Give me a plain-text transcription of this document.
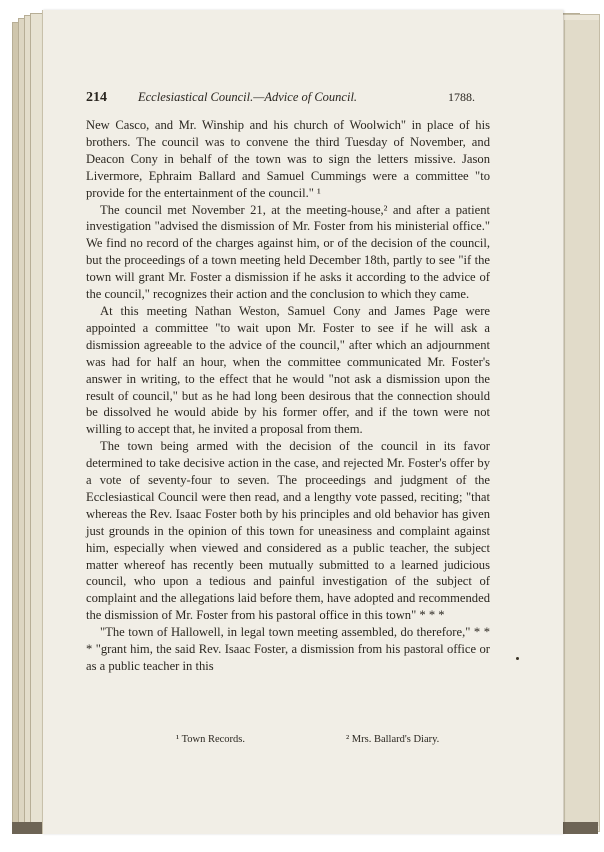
214 Ecclesiastical Council.—Advice of Council.	1788.

New Casco, and Mr. Winship and his church of Woolwich" in place of his brothers. The council was to convene the third Tuesday of November, and Deacon Cony in behalf of the town was to sign the letters missive. Jason Livermore, Ephraim Ballard and Samuel Cummings were a committee "to provide for the entertainment of the council." ¹

The council met November 21, at the meeting-house,² and after a patient investigation "advised the dismission of Mr. Foster from his ministerial office." We find no record of the charges against him, or of the decision of the council, but the proceedings of a town meeting held December 18th, partly to see "if the town will grant Mr. Foster a dismission if he asks it according to the advice of the council," recognizes their action and the conclusion to which they came.

At this meeting Nathan Weston, Samuel Cony and James Page were appointed a committee "to wait upon Mr. Foster to see if he will ask a dismission agreeable to the advice of the council," after which an adjournment was had for half an hour, when the committee communicated Mr. Foster's answer in writing, to the effect that he would "not ask a dismission upon the result of council," but as he had long been desirous that the connection should be dissolved he would abide by his former offer, and if the town were not willing to accept that, he invited a proposal from them.

The town being armed with the decision of the council in its favor determined to take decisive action in the case, and rejected Mr. Foster's offer by a vote of seventy-four to seven. The proceedings and judgment of the Ecclesiastical Council were then read, and a lengthy vote passed, reciting; "that whereas the Rev. Isaac Foster both by his principles and old behavior has given just grounds in the opinion of this town for uneasiness and complaint against him, especially when viewed and considered as a public teacher, the subject matter whereof has recently been mutually submitted to a learned judicious council, who upon a tedious and painful investigation of the subject of complaint and the allegations laid before them, have adopted and recommended the dismission of Mr. Foster from his pastoral office in this town" * * *

"The town of Hallowell, in legal town meeting assembled, do therefore," * * * "grant him, the said Rev. Isaac Foster, a dismission from his pastoral office or as a public teacher in this

¹ Town Records.	² Mrs. Ballard's Diary.
